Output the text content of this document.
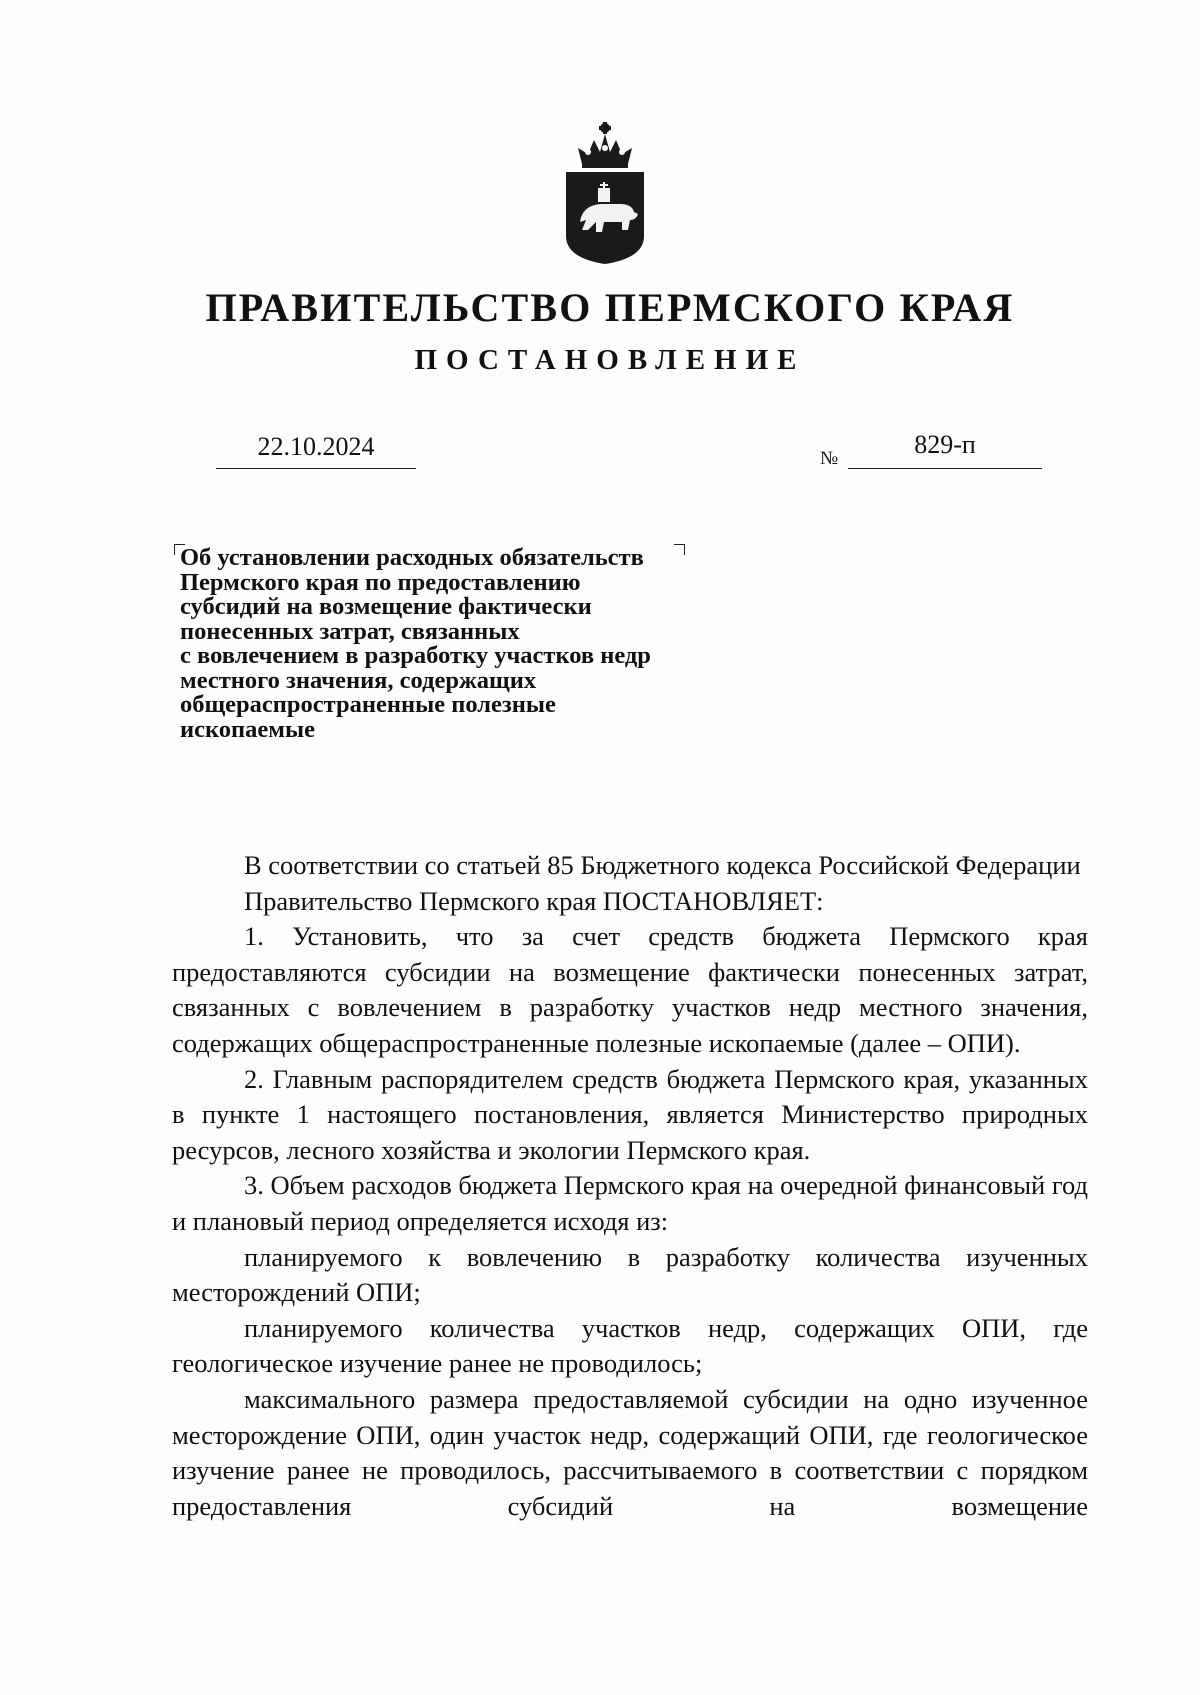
ПРАВИТЕЛЬСТВО ПЕРМСКОГО КРАЯ
ПОСТАНОВЛЕНИЕ
22.10.2024	№	829-п
Об установлении расходных обязательств
Пермского края по предоставлению
субсидий на возмещение фактически
понесенных затрат, связанных
с вовлечением в разработку участков недр
местного значения, содержащих
общераспространенные полезные
ископаемые

В соответствии со статьей 85 Бюджетного кодекса Российской Федерации

Правительство Пермского края ПОСТАНОВЛЯЕТ:

1. Установить, что за счет средств бюджета Пермского края предоставляются субсидии на возмещение фактически понесенных затрат, связанных с вовлечением в разработку участков недр местного значения, содержащих общераспространенные полезные ископаемые (далее – ОПИ).

2. Главным распорядителем средств бюджета Пермского края, указанных в пункте 1 настоящего постановления, является Министерство природных ресурсов, лесного хозяйства и экологии Пермского края.

3. Объем расходов бюджета Пермского края на очередной финансовый год и плановый период определяется исходя из:

планируемого к вовлечению в разработку количества изученных месторождений ОПИ;

планируемого количества участков недр, содержащих ОПИ, где геологическое изучение ранее не проводилось;

максимального размера предоставляемой субсидии на одно изученное месторождение ОПИ, один участок недр, содержащий ОПИ, где геологическое изучение ранее не проводилось, рассчитываемого в соответствии с порядком предоставления субсидий на возмещение
